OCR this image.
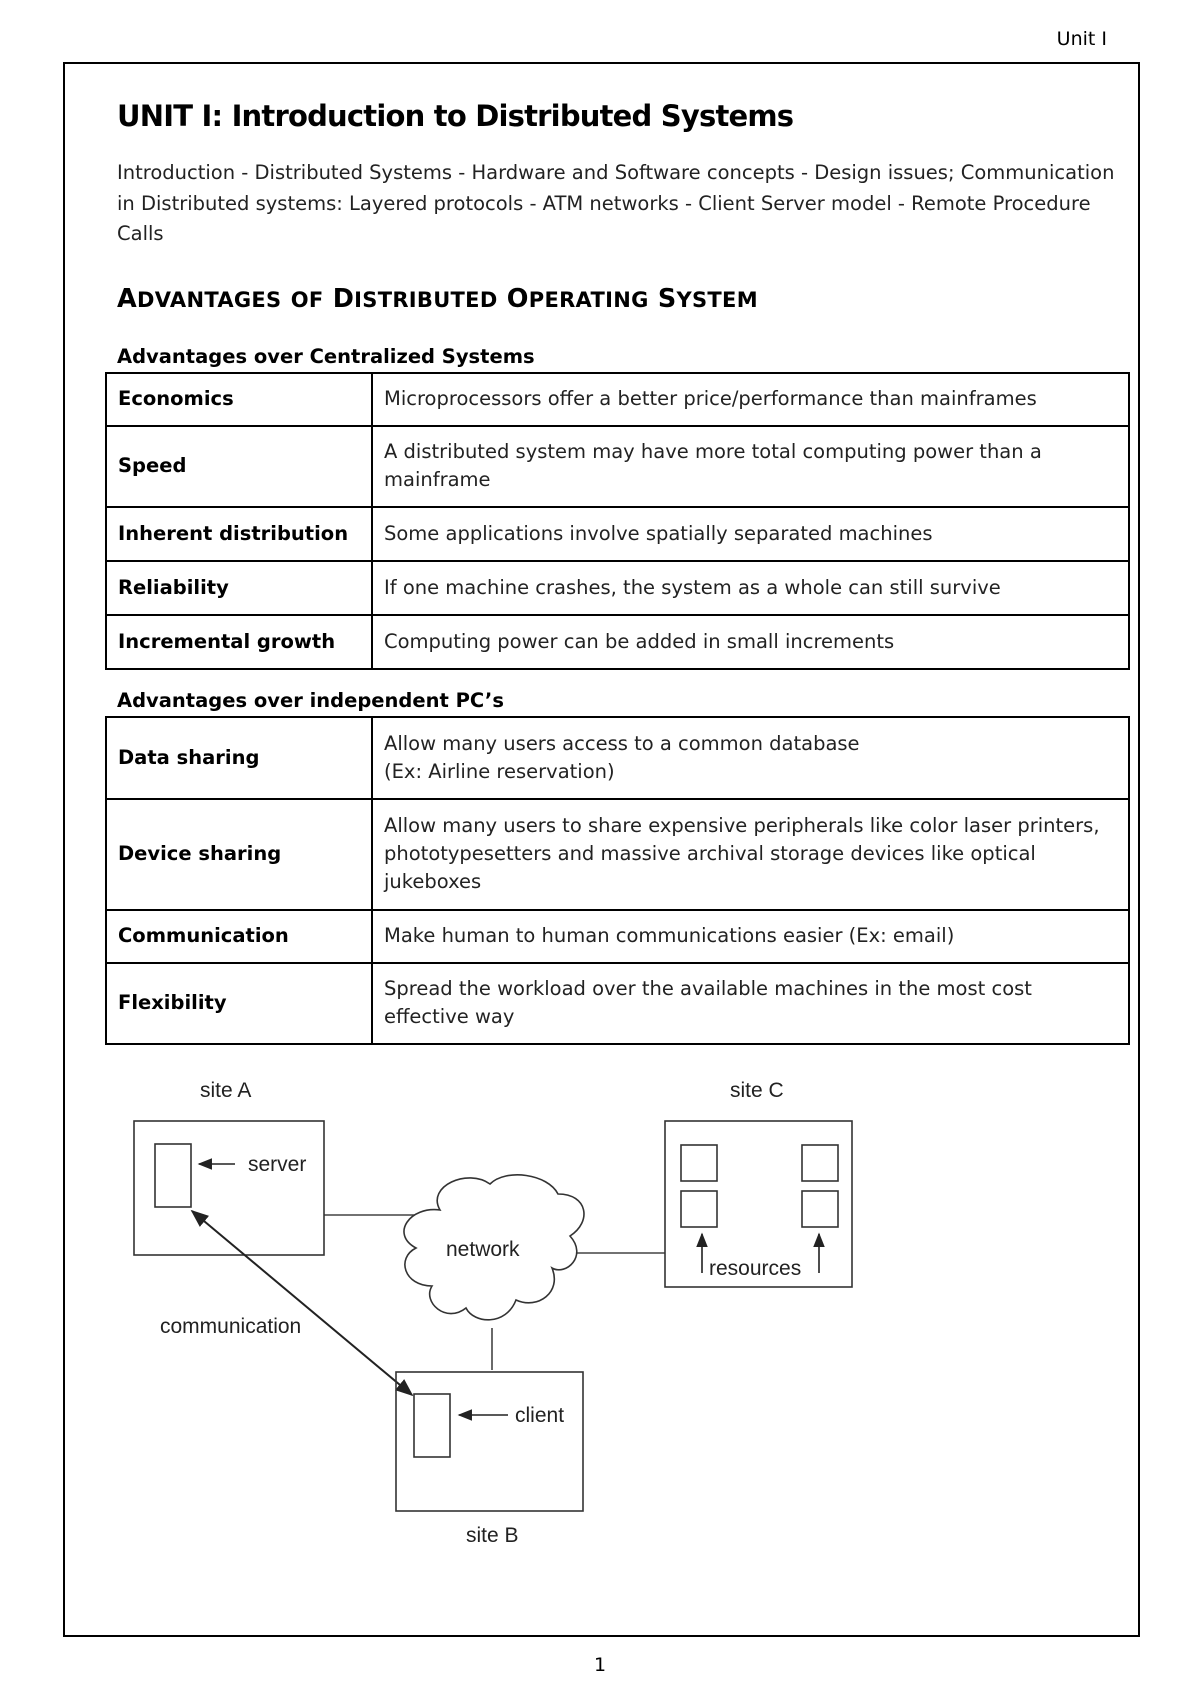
Unit I
UNIT I: Introduction to Distributed Systems

Introduction - Distributed Systems - Hardware and Software concepts - Design issues; Communication in Distributed systems: Layered protocols - ATM networks - Client Server model - Remote Procedure Calls

ADVANTAGES OF DISTRIBUTED OPERATING SYSTEM
Advantages over Centralized Systems
Economics	Microprocessors offer a better price/performance than mainframes
Speed	A distributed system may have more total computing power than a mainframe
Inherent distribution	Some applications involve spatially separated machines
Reliability	If one machine crashes, the system as a whole can still survive
Incremental growth	Computing power can be added in small increments
Advantages over independent PC’s
Data sharing	Allow many users access to a common database
(Ex: Airline reservation)

Device sharing	Allow many users to share expensive peripherals like color laser printers, phototypesetters and massive archival storage devices like optical jukeboxes
Communication	Make human to human communications easier (Ex: email)
Flexibility	Spread the workload over the available machines in the most cost effective way
site A
server
communication
network
site C
resources
client
site B
1
